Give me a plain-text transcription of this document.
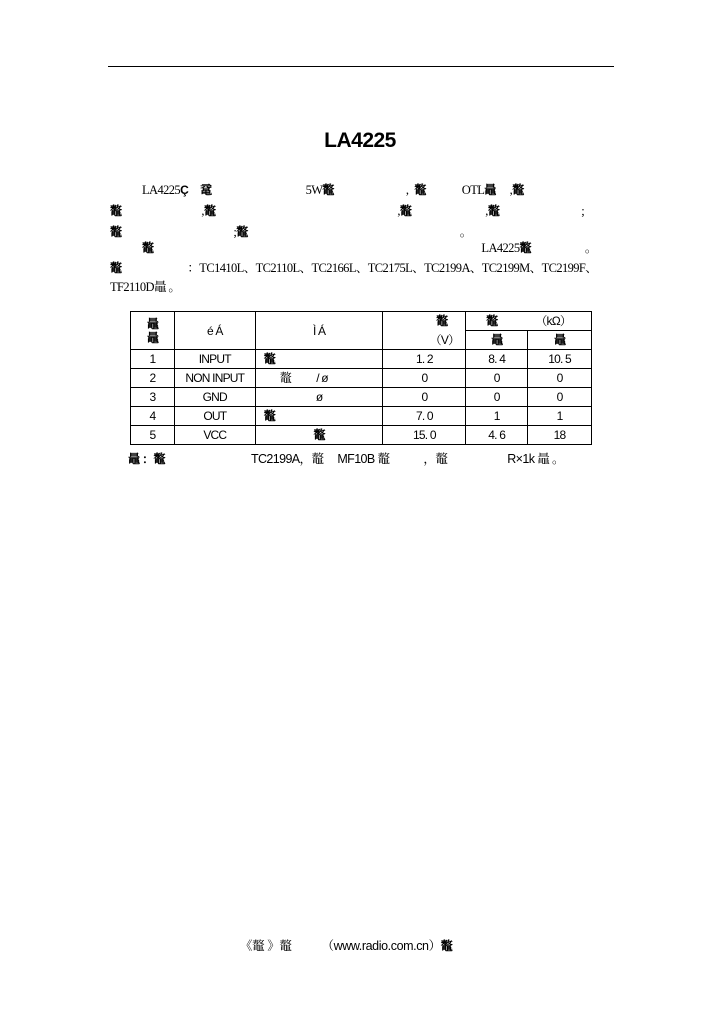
LA4225
LA4225Ç 鼋	5W鼇	, 鼇	OTL鼂 ,鼇
鼇	,鼇	,鼇	,鼇	;
鼇	;鼇	。
鼇	LA4225鼇	。
鼇	：TC1410L、TC2110L、TC2166L、TC2175L、TC2199A、TC2199M、TC2199F、
TF2110D鼂 。
鼂
鼂	é Á	Ì Á	鼇	鼇 （kΩ）	
			（V）	鼂	鼂
1	INPUT	鼇	1. 2	8. 4	10. 5
2	NON INPUT	鼇          / ø	0	0	0
3	GND	ø	0	0	0
4	OUT	鼇	7. 0	1	1
5	VCC	鼇	15. 0	4. 6	18
鼂 ：鼇	TC2199A，鼇 MF10B 鼇	，鼇	R×1k 鼂 。
《鼇 》鼇 （www.radio.com.cn）鼇
